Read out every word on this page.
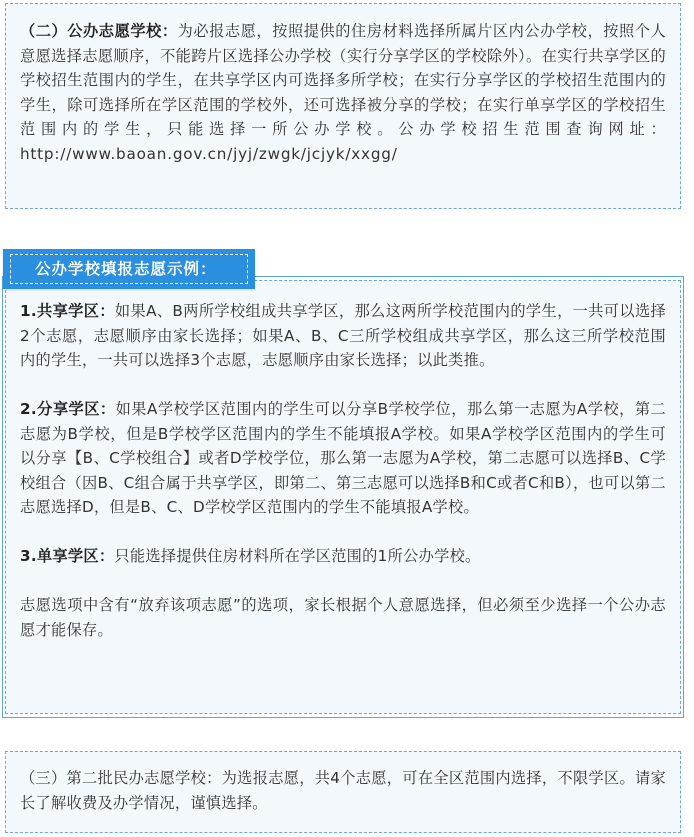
（二）公办志愿学校：为必报志愿，按照提供的住房材料选择所属片区内公办学校，按照个人意愿选择志愿顺序，不能跨片区选择公办学校（实行分享学区的学校除外）。在实行共享学区的学校招生范围内的学生，在共享学区内可选择多所学校；在实行分享学区的学校招生范围内的学生，除可选择所在学区范围的学校外，还可选择被分享的学校；在实行单享学区的学校招生范围内的学生，只能选择一所公办学校。公办学校招生范围查询网址：http://www.baoan.gov.cn/jyj/zwgk/jcjyk/xxgg/

1.共享学区：如果A、B两所学校组成共享学区，那么这两所学校范围内的学生，一共可以选择2个志愿，志愿顺序由家长选择；如果A、B、C三所学校组成共享学区，那么这三所学校范围内的学生，一共可以选择3个志愿，志愿顺序由家长选择；以此类推。

2.分享学区：如果A学校学区范围内的学生可以分享B学校学位，那么第一志愿为A学校，第二志愿为B学校，但是B学校学区范围内的学生不能填报A学校。如果A学校学区范围内的学生可以分享【B、C学校组合】或者D学校学位，那么第一志愿为A学校，第二志愿可以选择B、C学校组合（因B、C组合属于共享学区，即第二、第三志愿可以选择B和C或者C和B），也可以第二志愿选择D，但是B、C、D学校学区范围内的学生不能填报A学校。

3.单享学区：只能选择提供住房材料所在学区范围的1所公办学校。

志愿选项中含有“放弃该项志愿”的选项，家长根据个人意愿选择，但必须至少选择一个公办志愿才能保存。

公办学校填报志愿示例：

（三）第二批民办志愿学校：为选报志愿，共4个志愿，可在全区范围内选择，不限学区。请家长了解收费及办学情况，谨慎选择。
